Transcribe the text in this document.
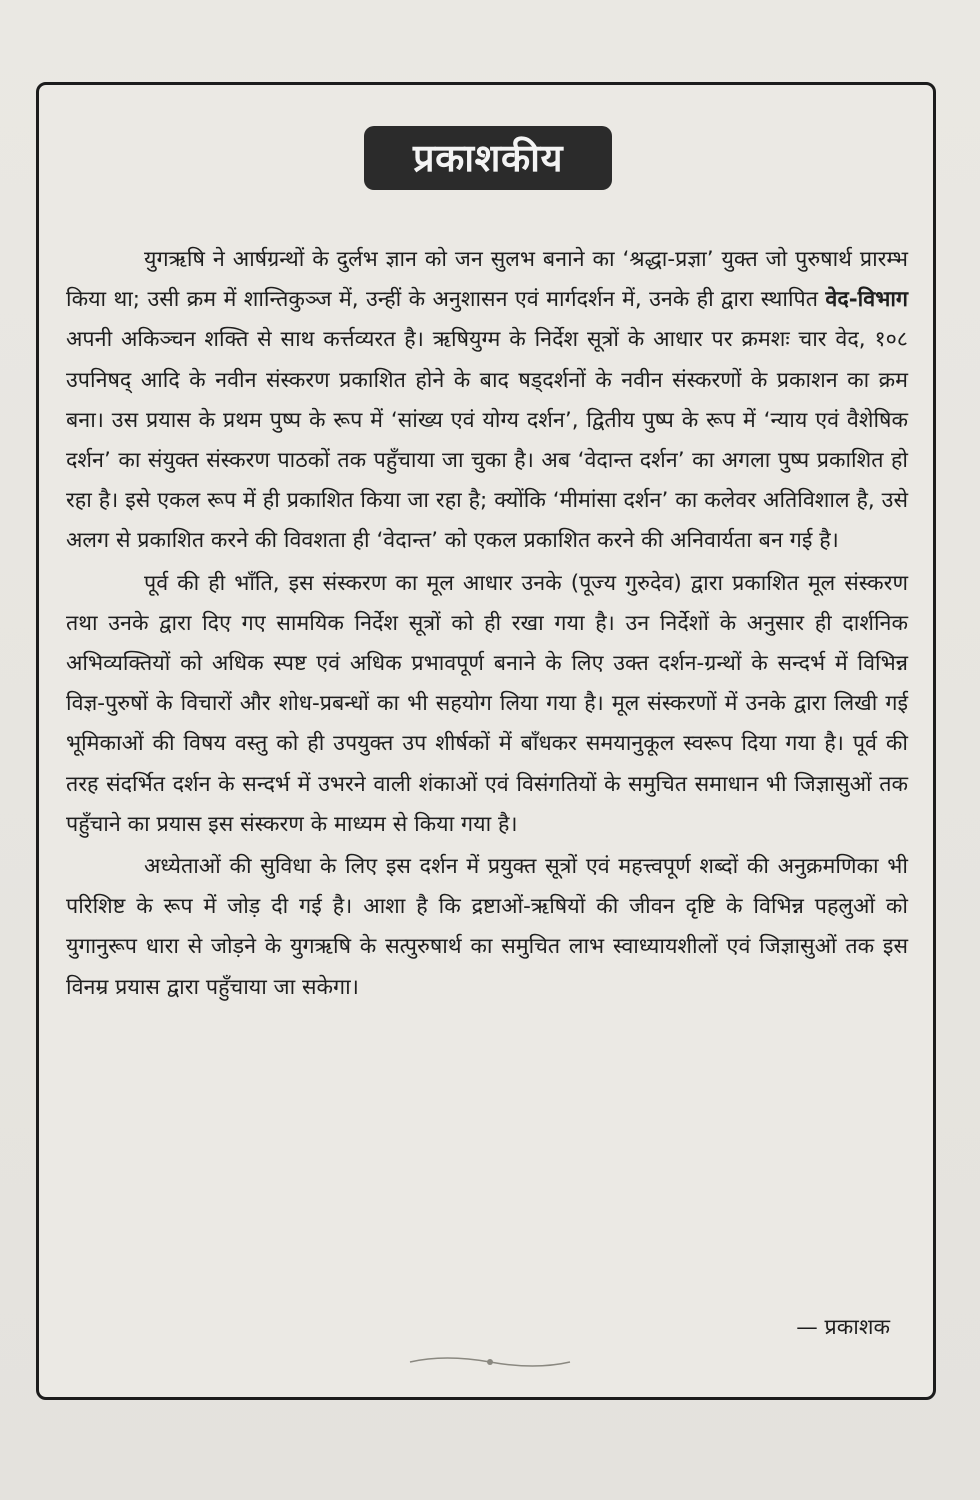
प्रकाशकीय

युगऋषि ने आर्षग्रन्थों के दुर्लभ ज्ञान को जन सुलभ बनाने का ‘श्रद्धा-प्रज्ञा’ युक्त जो पुरुषार्थ प्रारम्भ किया था; उसी क्रम में शान्तिकुञ्ज में, उन्हीं के अनुशासन एवं मार्गदर्शन में, उनके ही द्वारा स्थापित वेद-विभाग अपनी अकिञ्चन शक्ति से साथ कर्त्तव्यरत है। ऋषियुग्म के निर्देश सूत्रों के आधार पर क्रमशः चार वेद, १०८ उपनिषद् आदि के नवीन संस्करण प्रकाशित होने के बाद षड्दर्शनों के नवीन संस्करणों के प्रकाशन का क्रम बना। उस प्रयास के प्रथम पुष्प के रूप में ‘सांख्य एवं योग्य दर्शन’, द्वितीय पुष्प के रूप में ‘न्याय एवं वैशेषिक दर्शन’ का संयुक्त संस्करण पाठकों तक पहुँचाया जा चुका है। अब ‘वेदान्त दर्शन’ का अगला पुष्प प्रकाशित हो रहा है। इसे एकल रूप में ही प्रकाशित किया जा रहा है; क्योंकि ‘मीमांसा दर्शन’ का कलेवर अतिविशाल है, उसे अलग से प्रकाशित करने की विवशता ही ‘वेदान्त’ को एकल प्रकाशित करने की अनिवार्यता बन गई है।

पूर्व की ही भाँति, इस संस्करण का मूल आधार उनके (पूज्य गुरुदेव) द्वारा प्रकाशित मूल संस्करण तथा उनके द्वारा दिए गए सामयिक निर्देश सूत्रों को ही रखा गया है। उन निर्देशों के अनुसार ही दार्शनिक अभिव्यक्तियों को अधिक स्पष्ट एवं अधिक प्रभावपूर्ण बनाने के लिए उक्त दर्शन-ग्रन्थों के सन्दर्भ में विभिन्न विज्ञ-पुरुषों के विचारों और शोध-प्रबन्धों का भी सहयोग लिया गया है। मूल संस्करणों में उनके द्वारा लिखी गई भूमिकाओं की विषय वस्तु को ही उपयुक्त उप शीर्षकों में बाँधकर समयानुकूल स्वरूप दिया गया है। पूर्व की तरह संदर्भित दर्शन के सन्दर्भ में उभरने वाली शंकाओं एवं विसंगतियों के समुचित समाधान भी जिज्ञासुओं तक पहुँचाने का प्रयास इस संस्करण के माध्यम से किया गया है।

अध्येताओं की सुविधा के लिए इस दर्शन में प्रयुक्त सूत्रों एवं महत्त्वपूर्ण शब्दों की अनुक्रमणिका भी परिशिष्ट के रूप में जोड़ दी गई है। आशा है कि द्रष्टाओं-ऋषियों की जीवन दृष्टि के विभिन्न पहलुओं को युगानुरूप धारा से जोड़ने के युगऋषि के सत्पुरुषार्थ का समुचित लाभ स्वाध्यायशीलों एवं जिज्ञासुओं तक इस विनम्र प्रयास द्वारा पहुँचाया जा सकेगा।

— प्रकाशक
